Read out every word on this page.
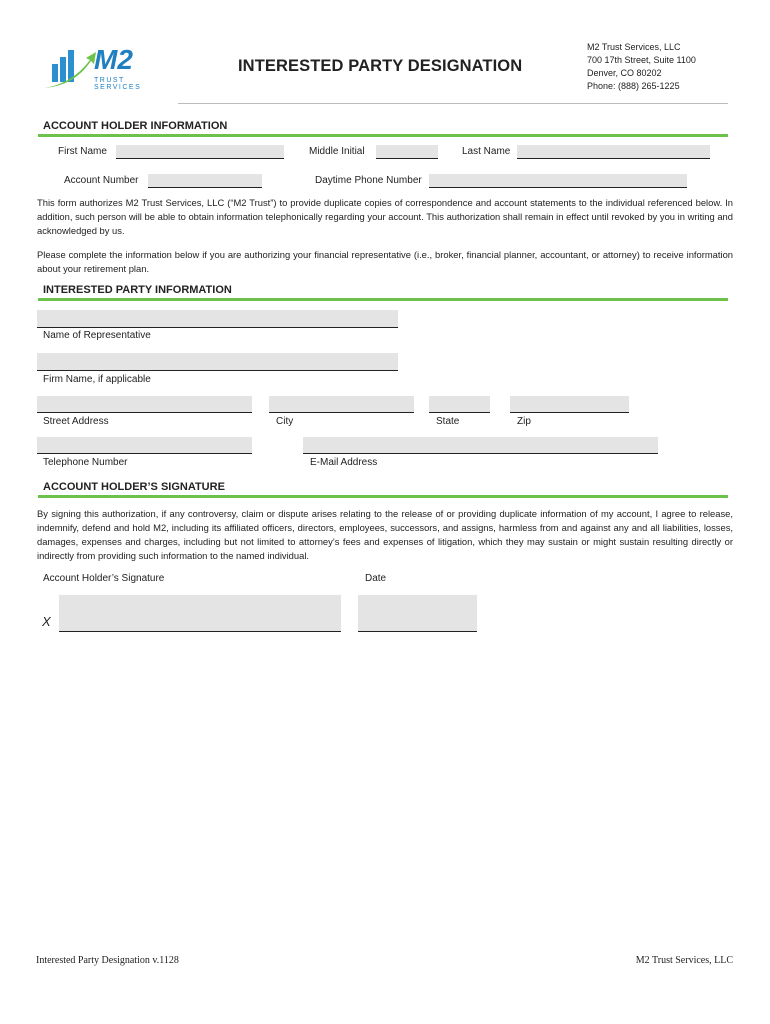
M2
TRUST SERVICES
INTERESTED PARTY DESIGNATION
M2 Trust Services, LLC
700 17th Street, Suite 1100
Denver, CO 80202
Phone: (888) 265-1225
ACCOUNT HOLDER INFORMATION
First Name	Middle Initial	Last Name
Account Number	Daytime Phone Number
This form authorizes M2 Trust Services, LLC (“M2 Trust”) to provide duplicate copies of correspondence and account statements to the individual referenced below. In addition, such person will be able to obtain information telephonically regarding your account. This authorization shall remain in effect until revoked by you in writing and acknowledged by us.
Please complete the information below if you are authorizing your financial representative (i.e., broker, financial planner, accountant, or attorney) to receive information about your retirement plan.
INTERESTED PARTY INFORMATION
Name of Representative
Firm Name, if applicable
Street Address	City	State	Zip
Telephone Number	E-Mail Address
ACCOUNT HOLDER’S SIGNATURE
By signing this authorization, if any controversy, claim or dispute arises relating to the release of or providing duplicate information of my account, I agree to release, indemnify, defend and hold M2, including its affiliated officers, directors, employees, successors, and assigns, harmless from and against any and all liabilities, losses, damages, expenses and charges, including but not limited to attorney’s fees and expenses of litigation, which they may sustain or might sustain resulting directly or indirectly from providing such information to the named individual.
Account Holder’s Signature	Date
X
Interested Party Designation v.1128	M2 Trust Services, LLC
